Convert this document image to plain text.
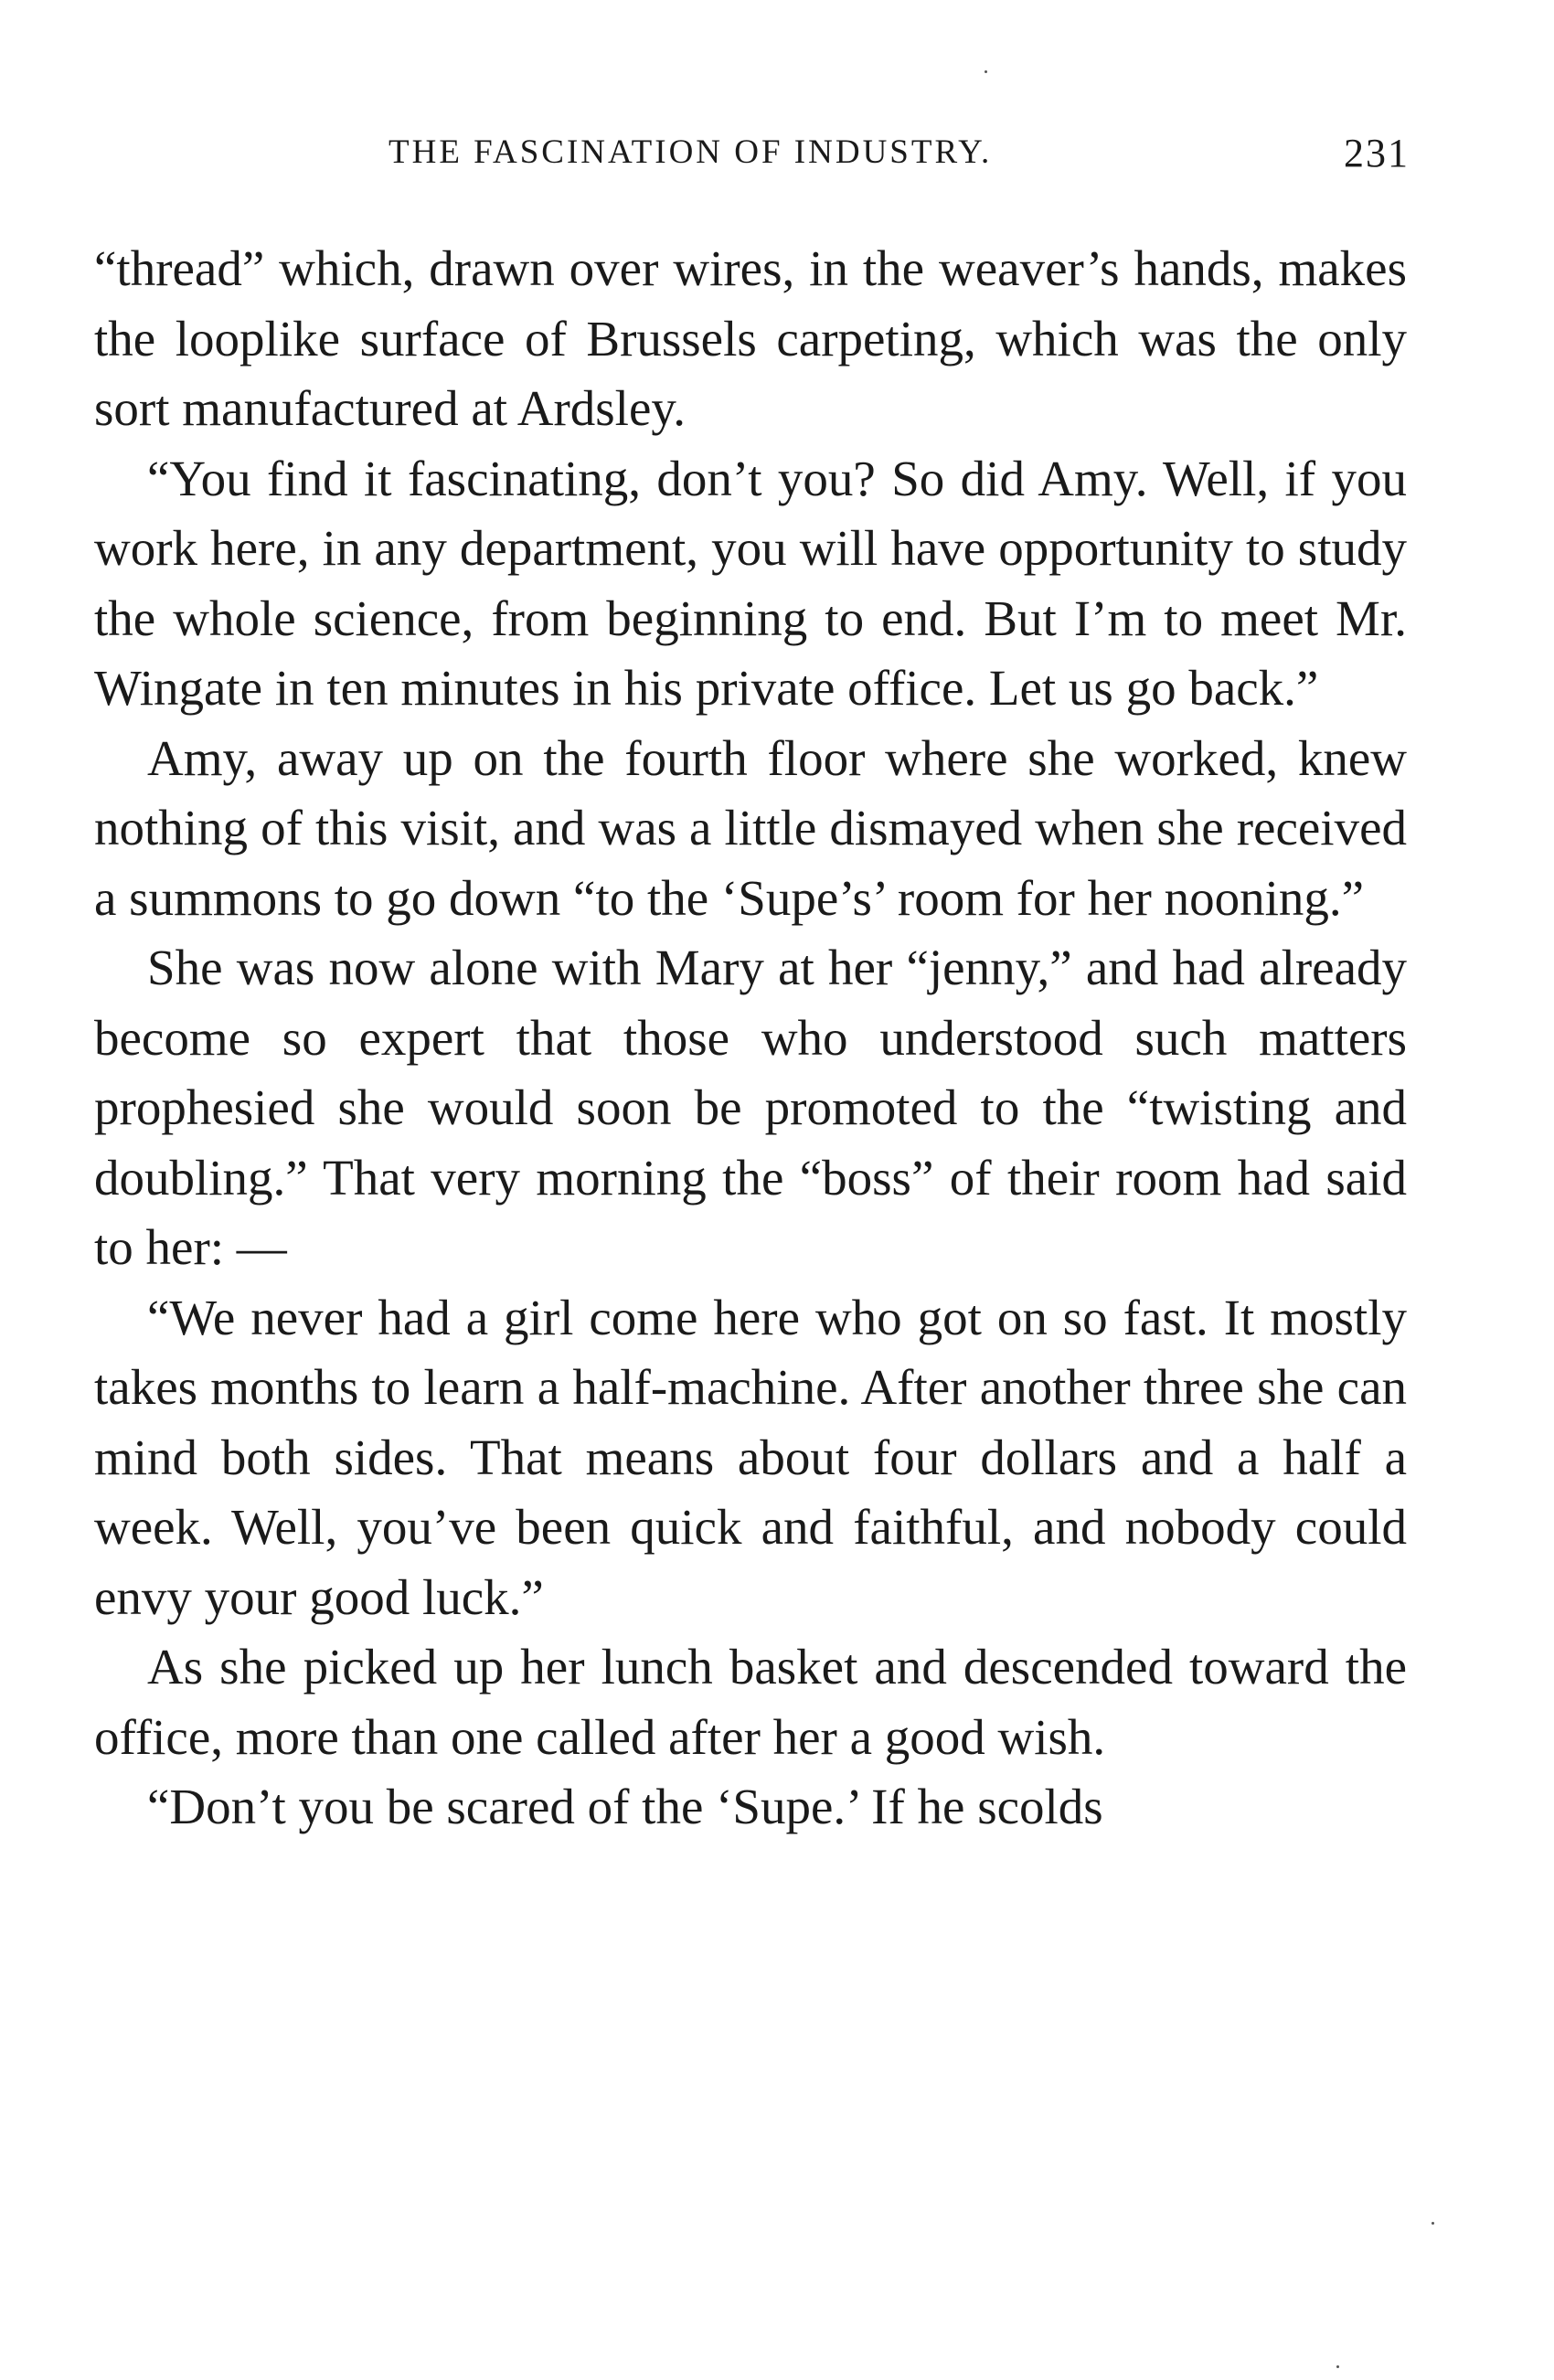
THE FASCINATION OF INDUSTRY.	231

“thread” which, drawn over wires, in the weaver’s hands, makes the looplike surface of Brussels carpeting, which was the only sort manufactured at Ardsley.

“You find it fascinating, don’t you? So did Amy. Well, if you work here, in any department, you will have opportunity to study the whole science, from beginning to end. But I’m to meet Mr. Wingate in ten minutes in his private office. Let us go back.”

Amy, away up on the fourth floor where she worked, knew nothing of this visit, and was a little dismayed when she received a summons to go down “to the ‘Supe’s’ room for her nooning.”

She was now alone with Mary at her “jenny,” and had already become so expert that those who understood such matters prophesied she would soon be promoted to the “twisting and doubling.” That very morning the “boss” of their room had said to her: —

“We never had a girl come here who got on so fast. It mostly takes months to learn a half-machine. After another three she can mind both sides. That means about four dollars and a half a week. Well, you’ve been quick and faithful, and nobody could envy your good luck.”

As she picked up her lunch basket and descended toward the office, more than one called after her a good wish.

“Don’t you be scared of the ‘Supe.’ If he scolds
